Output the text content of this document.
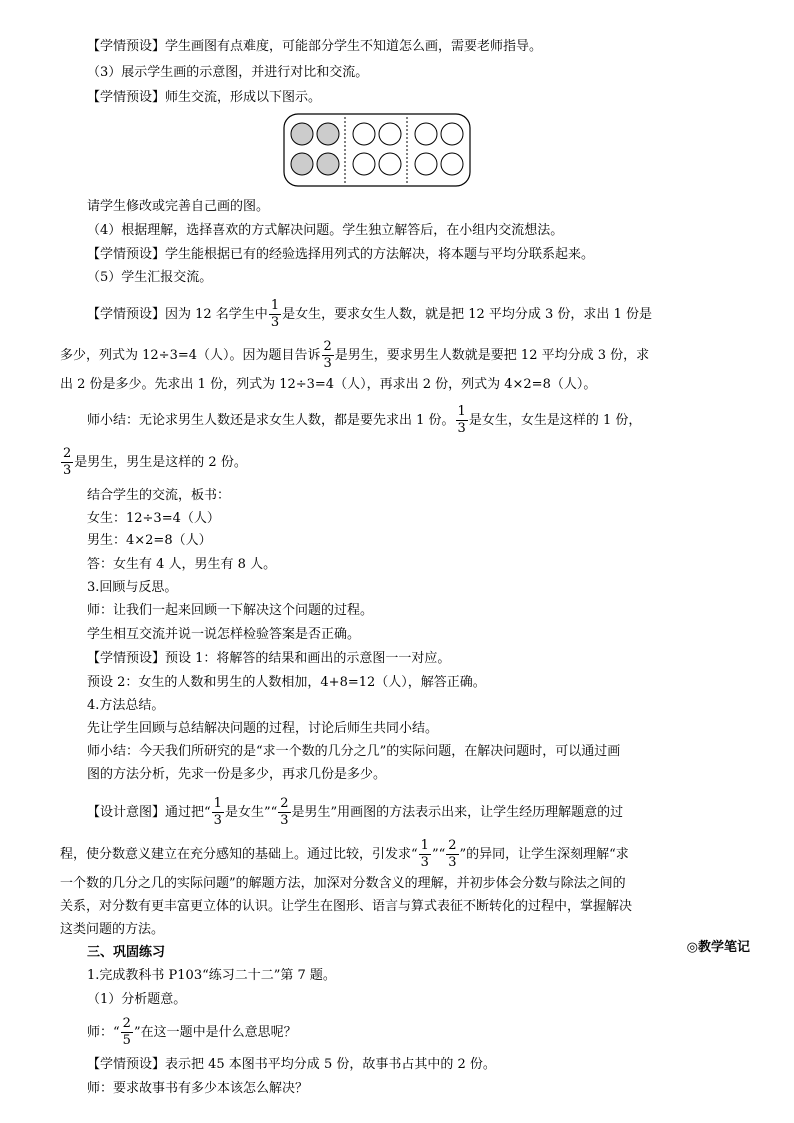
【学情预设】学生画图有点难度，可能部分学生不知道怎么画，需要老师指导。
（3）展示学生画的示意图，并进行对比和交流。
【学情预设】师生交流，形成以下图示。
请学生修改或完善自己画的图。
（4）根据理解，选择喜欢的方式解决问题。学生独立解答后，在小组内交流想法。
【学情预设】学生能根据已有的经验选择用列式的方法解决，将本题与平均分联系起来。
（5）学生汇报交流。
【学情预设】因为 12 名学生中 $\frac{1}{3}$ 是女生，要求女生人数，就是把 12 平均分成 3 份，求出 1 份是
多少，列式为 12÷3=4（人）。因为题目告诉 $\frac{2}{3}$ 是男生，要求男生人数就是要把 12 平均分成 3 份，求
出 2 份是多少。先求出 1 份，列式为 12÷3=4（人），再求出 2 份，列式为 4×2=8（人）。
师小结：无论求男生人数还是求女生人数，都是要先求出 1 份。 $\frac{1}{3}$ 是女生，女生是这样的 1 份，
$\frac{2}{3}$ 是男生，男生是这样的 2 份。
结合学生的交流，板书：
女生：12÷3=4（人）
男生：4×2=8（人）
答：女生有 4 人，男生有 8 人。
3.回顾与反思。
师：让我们一起来回顾一下解决这个问题的过程。
学生相互交流并说一说怎样检验答案是否正确。
【学情预设】预设 1：将解答的结果和画出的示意图一一对应。
预设 2：女生的人数和男生的人数相加，4+8=12（人），解答正确。
4.方法总结。
先让学生回顾与总结解决问题的过程，讨论后师生共同小结。
师小结：今天我们所研究的是“求一个数的几分之几”的实际问题，在解决问题时，可以通过画
图的方法分析，先求一份是多少，再求几份是多少。
【设计意图】通过把“ $\frac{1}{3}$ 是女生”“ $\frac{2}{3}$ 是男生”用画图的方法表示出来，让学生经历理解题意的过
程，使分数意义建立在充分感知的基础上。通过比较，引发求“ $\frac{1}{3}$ ”“ $\frac{2}{3}$ ”的异同，让学生深刻理解“求
一个数的几分之几的实际问题”的解题方法，加深对分数含义的理解，并初步体会分数与除法之间的
关系，对分数有更丰富更立体的认识。让学生在图形、语言与算式表征不断转化的过程中，掌握解决
这类问题的方法。
三、巩固练习	◎教学笔记
1.完成教科书 P103“练习二十二”第 7 题。
（1）分析题意。
师：“ $\frac{2}{5}$ ”在这一题中是什么意思呢？
【学情预设】表示把 45 本图书平均分成 5 份，故事书占其中的 2 份。
师：要求故事书有多少本该怎么解决？
